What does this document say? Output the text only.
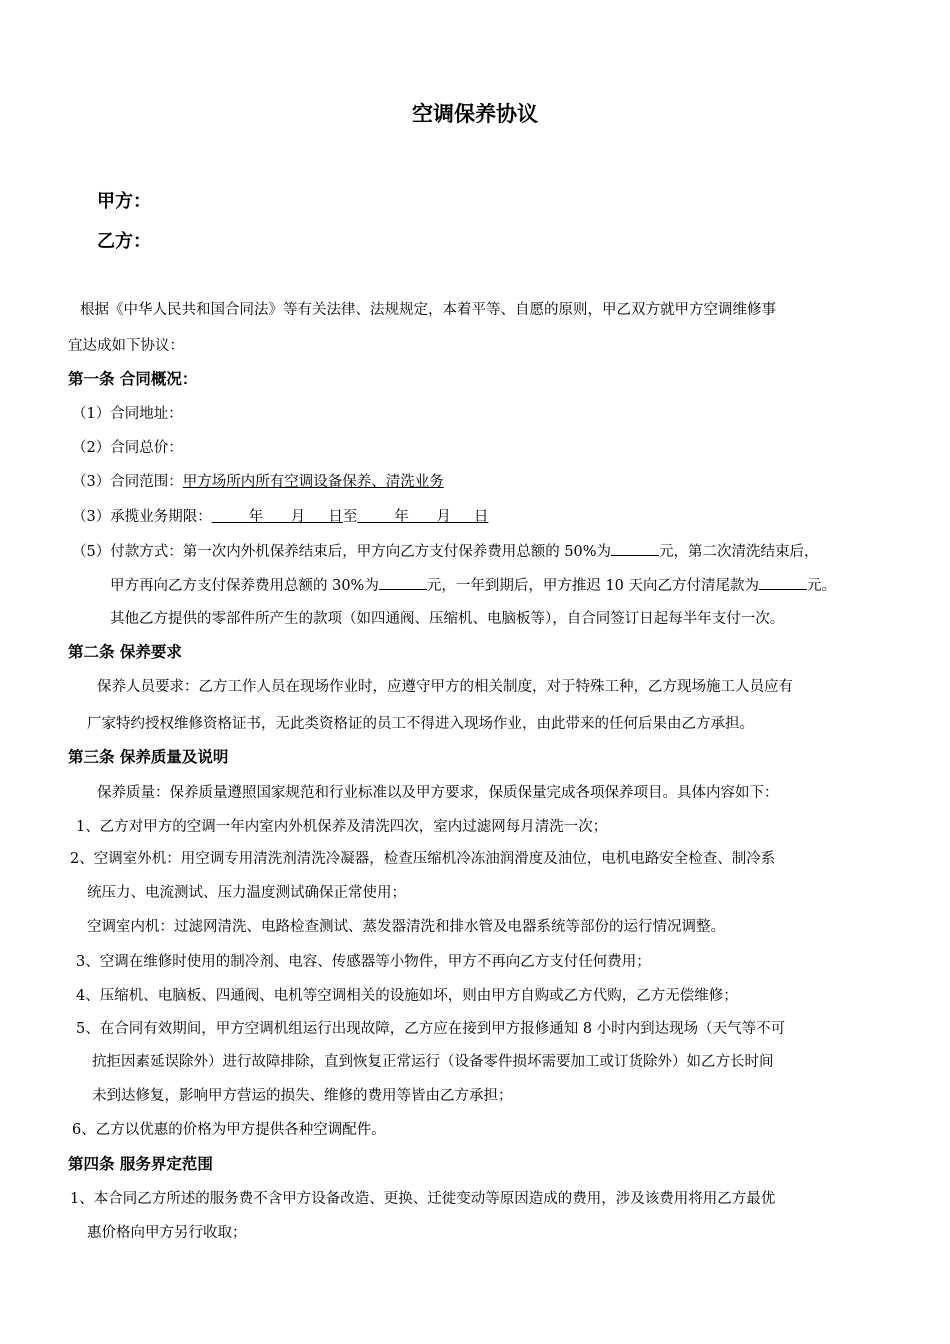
空调保养协议
甲方：
乙方：
根据《中华人民共和国合同法》等有关法律、法规规定，本着平等、自愿的原则，甲乙双方就甲方空调维修事
宜达成如下协议：
第一条 合同概况：
（1）合同地址：
（2）合同总价：
（3）合同范围：甲方场所内所有空调设备保养、清洗业务
（3）承揽业务期限：	年 月 日至	年 月 日
（5）付款方式：第一次内外机保养结束后，甲方向乙方支付保养费用总额的 50%为	元，第二次清洗结束后，
甲方再向乙方支付保养费用总额的 30%为	元，一年到期后，甲方推迟 10 天向乙方付清尾款为	元。
其他乙方提供的零部件所产生的款项（如四通阀、压缩机、电脑板等），自合同签订日起每半年支付一次。
第二条 保养要求
保养人员要求：乙方工作人员在现场作业时，应遵守甲方的相关制度，对于特殊工种，乙方现场施工人员应有
厂家特约授权维修资格证书，无此类资格证的员工不得进入现场作业，由此带来的任何后果由乙方承担。
第三条 保养质量及说明
保养质量：保养质量遵照国家规范和行业标准以及甲方要求，保质保量完成各项保养项目。具体内容如下：
1、乙方对甲方的空调一年内室内外机保养及清洗四次，室内过滤网每月清洗一次；
2、空调室外机：用空调专用清洗剂清洗冷凝器，检查压缩机冷冻油润滑度及油位，电机电路安全检查、制冷系
统压力、电流测试、压力温度测试确保正常使用；
空调室内机：过滤网清洗、电路检查测试、蒸发器清洗和排水管及电器系统等部份的运行情况调整。
3、空调在维修时使用的制冷剂、电容、传感器等小物件，甲方不再向乙方支付任何费用；
4、压缩机、电脑板、四通阀、电机等空调相关的设施如坏，则由甲方自购或乙方代购，乙方无偿维修；
5、在合同有效期间，甲方空调机组运行出现故障，乙方应在接到甲方报修通知 8 小时内到达现场（天气等不可
抗拒因素延误除外）进行故障排除，直到恢复正常运行（设备零件损坏需要加工或订货除外）如乙方长时间
未到达修复，影响甲方营运的损失、维修的费用等皆由乙方承担；
6、乙方以优惠的价格为甲方提供各种空调配件。
第四条 服务界定范围
1、本合同乙方所述的服务费不含甲方设备改造、更换、迁徙变动等原因造成的费用，涉及该费用将用乙方最优
惠价格向甲方另行收取；
